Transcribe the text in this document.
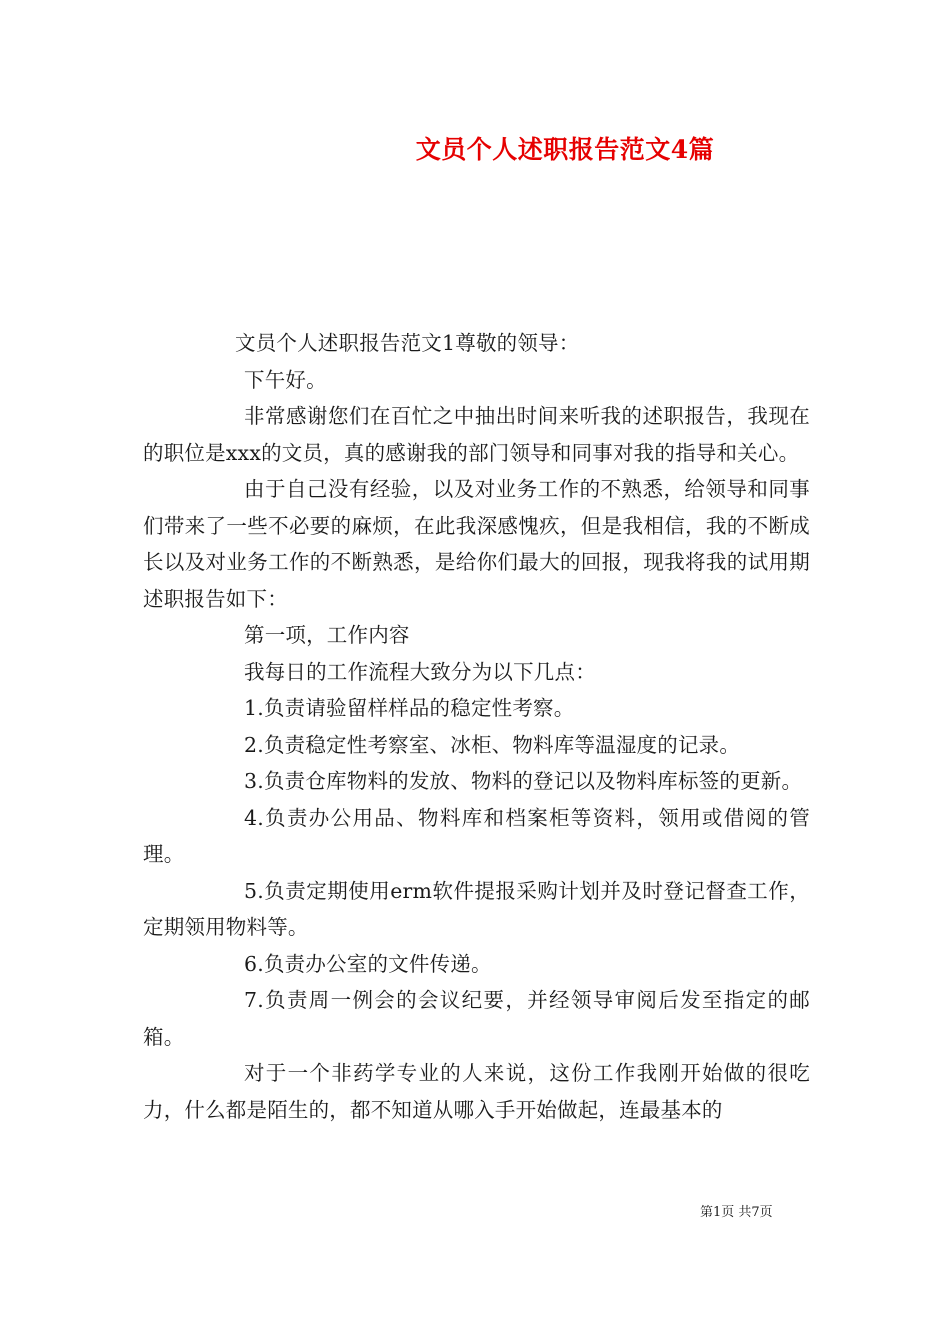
文员个人述职报告范文4篇

文员个人述职报告范文1尊敬的领导：

下午好。

非常感谢您们在百忙之中抽出时间来听我的述职报告，我现在的职位是xxx的文员，真的感谢我的部门领导和同事对我的指导和关心。

由于自己没有经验，以及对业务工作的不熟悉，给领导和同事们带来了一些不必要的麻烦，在此我深感愧疚，但是我相信，我的不断成长以及对业务工作的不断熟悉，是给你们最大的回报，现我将我的试用期述职报告如下：

第一项，工作内容

我每日的工作流程大致分为以下几点：

1.负责请验留样样品的稳定性考察。

2.负责稳定性考察室、冰柜、物料库等温湿度的记录。

3.负责仓库物料的发放、物料的登记以及物料库标签的更新。

4.负责办公用品、物料库和档案柜等资料，领用或借阅的管理。

5.负责定期使用erm软件提报采购计划并及时登记督查工作，定期领用物料等。

6.负责办公室的文件传递。

7.负责周一例会的会议纪要，并经领导审阅后发至指定的邮箱。

对于一个非药学专业的人来说，这份工作我刚开始做的很吃力，什么都是陌生的，都不知道从哪入手开始做起，连最基本的

第1页 共7页
